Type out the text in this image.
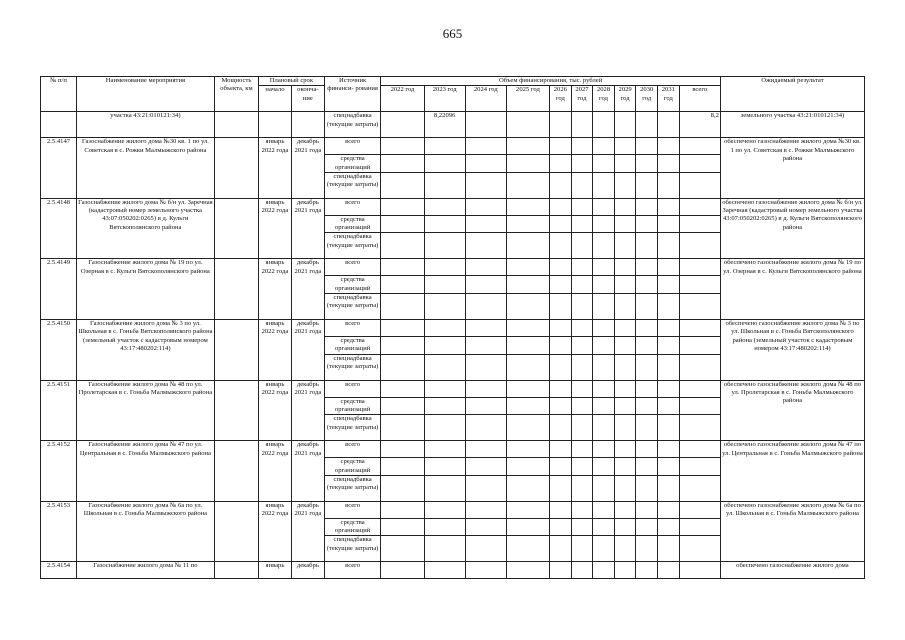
665
№ п/п	Наименование мероприятия	Мощность объекта, км	Плановый срок		Источник финанси- рования	Объем финансирования, тыс. рублей											Ожидаемый результат
			начало	оконча- ние		2022 год	2023 год	2024 год	2025 год	2026 год	2027 год	2028 год	2029 год	2030 год	2031 год	всего	
	участка 43:21:010121:34)				спецнадбавка (текущие затраты)		8,22096									8,2	земельного участка 43:21:010121:34)
2.5.4147	Газоснабжение жилого дома №30 кв. 1 по ул. Советская в с. Рожки Малмыжского района		январь 2022 года	декабрь 2021 года	всего												обеспечено газоснабжение жилого дома №30 кв. 1 по ул. Советская в с. Рожки Малмыжского района
					средства организаций												
					спецнадбавка (текущие затраты)												
2.5.4148	Газоснабжение жилого дома № б/н ул. Заречная (кадастровый номер земельного участка 43:07:050202:0265) в д. Кульги Вятскополянского района		январь 2022 года	декабрь 2021 года	всего												обеспечено газоснабжение жилого дома № б/н ул. Заречная (кадастровый номер земельного участка 43:07:050202:0265) в д. Кульги Вятскополянского района
					средства организаций												
					спецнадбавка (текущие затраты)												
2.5.4149	Газоснабжение жилого дома № 19 по ул. Озерная в с. Кульги Вятскополянского района		январь 2022 года	декабрь 2021 года	всего												обеспечено газоснабжение жилого дома № 19 по ул. Озерная в с. Кульги Вятскополянского района
					средства организаций												
					спецнадбавка (текущие затраты)												
2.5.4150	Газоснабжение жилого дома № 3 по ул. Школьная в с. Гоньба Вятскополянского района (земельный участок с кадастровым номером 43:17:480202:114)		январь 2022 года	декабрь 2021 года	всего												обеспечено газоснабжение жилого дома № 3 по ул. Школьная в с. Гоньба Вятскополянского района (земельный участок с кадастровым номером 43:17:480202:114)
					средства организаций												
					спецнадбавка (текущие затраты)												
2.5.4151	Газоснабжение жилого дома № 48 по ул. Пролетарская в с. Гоньба Малмыжского района		январь 2022 года	декабрь 2021 года	всего												обеспечено газоснабжение жилого дома № 48 по ул. Пролетарская в с. Гоньба Малмыжского района
					средства организаций												
					спецнадбавка (текущие затраты)												
2.5.4152	Газоснабжение жилого дома № 47 по ул. Центральная в с. Гоньба Малмыжского района		январь 2022 года	декабрь 2021 года	всего												обеспечено газоснабжение жилого дома № 47 по ул. Центральная в с. Гоньба Малмыжского района
					средства организаций												
					спецнадбавка (текущие затраты)												
2.5.4153	Газоснабжение жилого дома № 6а по ул. Школьная в с. Гоньба Малмыжского района		январь 2022 года	декабрь 2021 года	всего												обеспечено газоснабжение жилого дома № 6а по ул. Школьная в с. Гоньба Малмыжского района
					средства организаций												
					спецнадбавка (текущие затраты)												
2.5.4154	Газоснабжение жилого дома № 11 по		январь	декабрь	всего												обеспечено газоснабжение жилого дома
